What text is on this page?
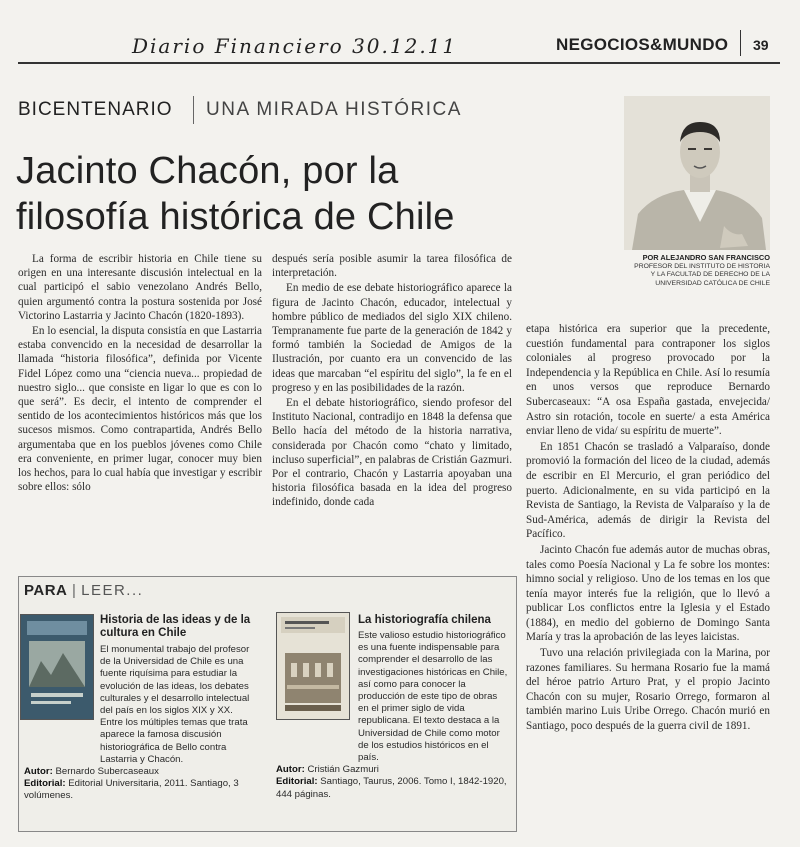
Diario Financiero 30.12.11	NEGOCIOS&MUNDO 39
BICENTENARIO UNA MIRADA HISTÓRICA
Jacinto Chacón, por la
filosofía histórica de Chile
POR ALEJANDRO SAN FRANCISCO
PROFESOR DEL INSTITUTO DE HISTORIA
Y LA FACULTAD DE DERECHO DE LA
UNIVERSIDAD CATÓLICA DE CHILE

La forma de escribir historia en Chile tiene su origen en una interesante discusión intelectual en la cual participó el sabio venezolano Andrés Bello, quien argumentó contra la postura sostenida por José Victorino Lastarria y Jacinto Chacón (1820-1893).

En lo esencial, la disputa consistía en que Lastarria estaba convencido en la necesidad de desarrollar la llamada “historia filosófica”, definida por Vicente Fidel López como una “ciencia nueva... propiedad de nuestro siglo... que consiste en ligar lo que es con lo que será”. Es decir, el intento de comprender el sentido de los acontecimientos históricos más que los sucesos mismos. Como contrapartida, Andrés Bello argumentaba que en los pueblos jóvenes como Chile era conveniente, en primer lugar, conocer muy bien los hechos, para lo cual había que investigar y escribir sobre ellos: sólo

después sería posible asumir la tarea filosófica de interpretación.

En medio de ese debate historiográfico aparece la figura de Jacinto Chacón, educador, intelectual y hombre público de mediados del siglo XIX chileno. Tempranamente fue parte de la generación de 1842 y formó también la Sociedad de Amigos de la Ilustración, por cuanto era un convencido de las ideas que marcaban “el espíritu del siglo”, la fe en el progreso y en las posibilidades de la razón.

En el debate historiográfico, siendo profesor del Instituto Nacional, contradijo en 1848 la defensa que Bello hacía del método de la historia narrativa, considerada por Chacón como “chato y limitado, incluso superficial”, en palabras de Cristián Gazmuri. Por el contrario, Chacón y Lastarria apoyaban una historia filosófica basada en la idea del progreso indefinido, donde cada

etapa histórica era superior que la precedente, cuestión fundamental para contraponer los siglos coloniales al progreso provocado por la Independencia y la República en Chile. Así lo resumía en unos versos que reproduce Bernardo Subercaseaux: “A osa España gastada, envejecida/ Astro sin rotación, tocole en suerte/ a esta América enviar lleno de vida/ su espíritu de muerte”.

En 1851 Chacón se trasladó a Valparaíso, donde promovió la formación del liceo de la ciudad, además de escribir en El Mercurio, el gran periódico del puerto. Adicionalmente, en su vida participó en la Revista de Santiago, la Revista de Valparaíso y la de Sud-América, además de dirigir la Revista del Pacífico.

Jacinto Chacón fue además autor de muchas obras, tales como Poesía Nacional y La fe sobre los montes: himno social y religioso. Uno de los temas en los que tenía mayor interés fue la religión, que lo llevó a publicar Los conflictos entre la Iglesia y el Estado (1884), en medio del gobierno de Domingo Santa María y tras la aprobación de las leyes laicistas.

Tuvo una relación privilegiada con la Marina, por razones familiares. Su hermana Rosario fue la mamá del héroe patrio Arturo Prat, y el propio Jacinto Chacón con su mujer, Rosario Orrego, formaron al también marino Luis Uribe Orrego. Chacón murió en Santiago, poco después de la guerra civil de 1891.

PARA | LEER...
Historia de las ideas y de la cultura en Chile
El monumental trabajo del profesor de la Universidad de Chile es una fuente riquísima para estudiar la evolución de las ideas, los debates culturales y el desarrollo intelectual del país en los siglos XIX y XX. Entre los múltiples temas que trata aparece la famosa discusión historiográfica de Bello contra Lastarria y Chacón.
Autor: Bernardo Subercaseaux
Editorial: Editorial Universitaria, 2011. Santiago, 3 volúmenes.
La historiografía chilena
Este valioso estudio historiográfico es una fuente indispensable para comprender el desarrollo de las investigaciones históricas en Chile, así como para conocer la producción de este tipo de obras en el primer siglo de vida republicana. El texto destaca a la Universidad de Chile como motor de los estudios históricos en el país.
Autor: Cristián Gazmuri
Editorial: Santiago, Taurus, 2006. Tomo I, 1842-1920, 444 páginas.
